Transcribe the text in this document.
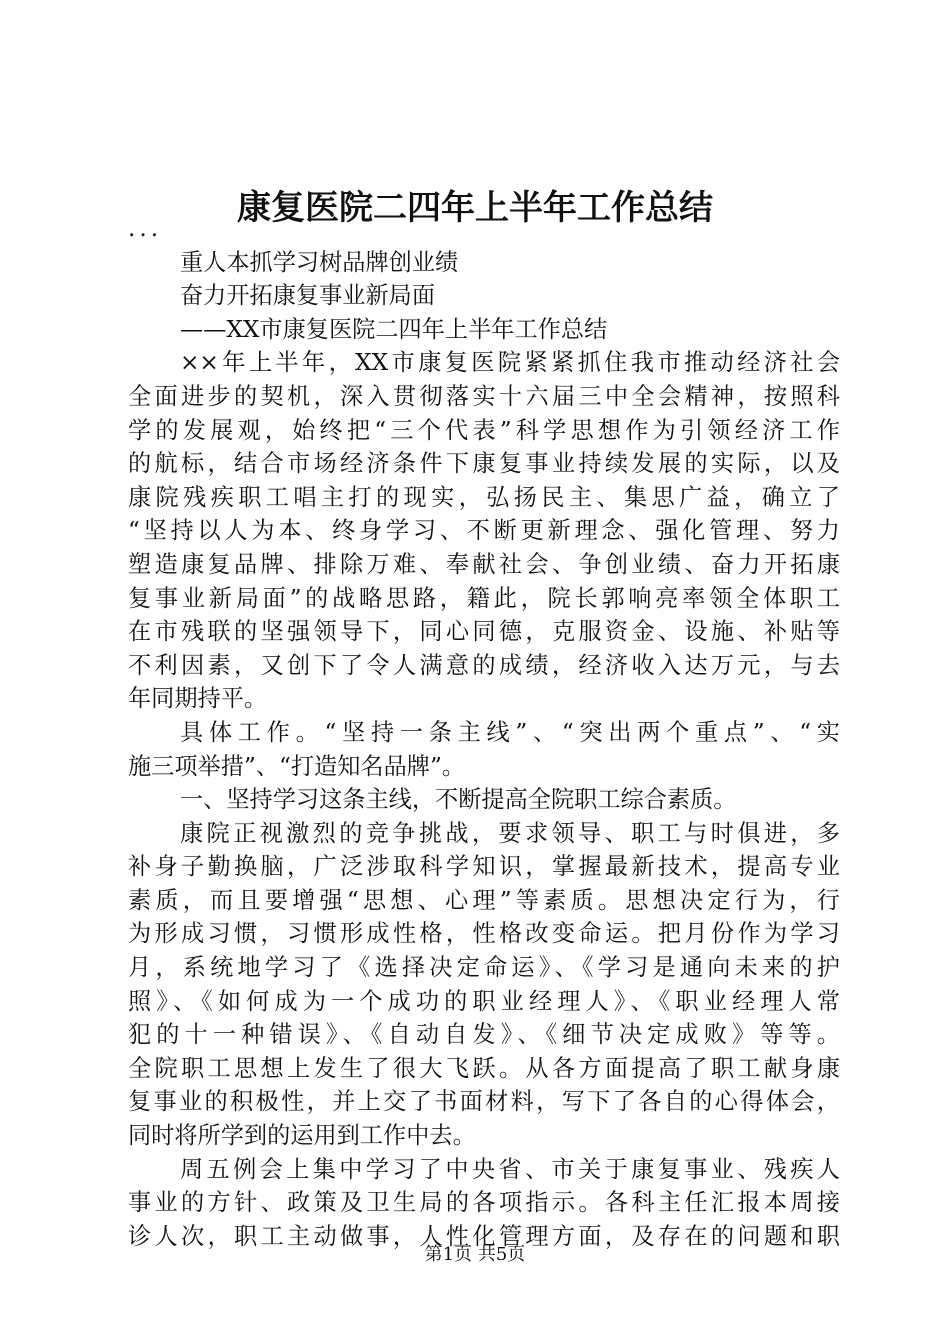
康复医院二四年上半年工作总结
...
重人本抓学习树品牌创业绩
奋力开拓康复事业新局面
——XX市康复医院二四年上半年工作总结
××年上半年，XX市康复医院紧紧抓住我市推动经济社会
全面进步的契机，深入贯彻落实十六届三中全会精神，按照科
学的发展观，始终把“三个代表”科学思想作为引领经济工作
的航标，结合市场经济条件下康复事业持续发展的实际，以及
康院残疾职工唱主打的现实，弘扬民主、集思广益，确立了
“坚持以人为本、终身学习、不断更新理念、强化管理、努力
塑造康复品牌、排除万难、奉献社会、争创业绩、奋力开拓康
复事业新局面”的战略思路，籍此，院长郭响亮率领全体职工
在市残联的坚强领导下，同心同德，克服资金、设施、补贴等
不利因素，又创下了令人满意的成绩，经济收入达万元，与去
年同期持平。
具体工作。“坚持一条主线”、“突出两个重点”、“实
施三项举措”、“打造知名品牌”。
一、坚持学习这条主线，不断提高全院职工综合素质。
康院正视激烈的竞争挑战，要求领导、职工与时俱进，多
补身子勤换脑，广泛涉取科学知识，掌握最新技术，提高专业
素质，而且要增强“思想、心理”等素质。思想决定行为，行
为形成习惯，习惯形成性格，性格改变命运。把月份作为学习
月，系统地学习了《选择决定命运》、《学习是通向未来的护
照》、《如何成为一个成功的职业经理人》、《职业经理人常
犯的十一种错误》、《自动自发》、《细节决定成败》等等。
全院职工思想上发生了很大飞跃。从各方面提高了职工献身康
复事业的积极性，并上交了书面材料，写下了各自的心得体会，
同时将所学到的运用到工作中去。
周五例会上集中学习了中央省、市关于康复事业、残疾人
事业的方针、政策及卫生局的各项指示。各科主任汇报本周接
诊人次，职工主动做事，人性化管理方面，及存在的问题和职
第1页 共5页
